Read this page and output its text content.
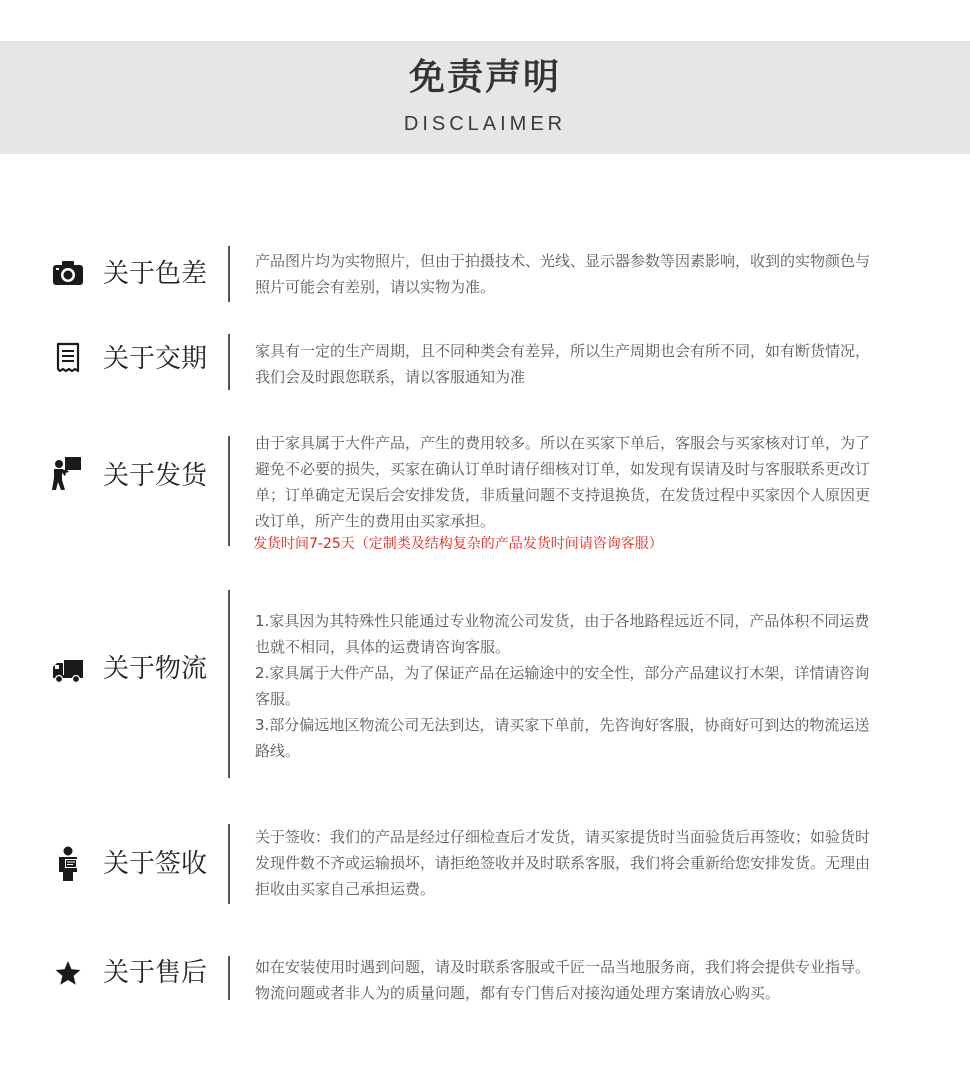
免责声明
DISCLAIMER
关于色差	产品图片均为实物照片，但由于拍摄技术、光线、显示器参数等因素影响，收到的实物颜色与照片可能会有差别，请以实物为准。

关于交期	家具有一定的生产周期，且不同种类会有差异，所以生产周期也会有所不同，如有断货情况，我们会及时跟您联系，请以客服通知为准

关于发货

由于家具属于大件产品，产生的费用较多。所以在买家下单后，客服会与买家核对订单，为了避免不必要的损失，买家在确认订单时请仔细核对订单，如发现有误请及时与客服联系更改订单；订单确定无误后会安排发货，非质量问题不支持退换货，在发货过程中买家因个人原因更改订单，所产生的费用由买家承担。

发货时间7-25天（定制类及结构复杂的产品发货时间请咨询客服）

关于物流

1.家具因为其特殊性只能通过专业物流公司发货，由于各地路程远近不同，产品体积不同运费也就不相同，具体的运费请咨询客服。

2.家具属于大件产品，为了保证产品在运输途中的安全性，部分产品建议打木架，详情请咨询客服。

3.部分偏远地区物流公司无法到达，请买家下单前，先咨询好客服，协商好可到达的物流运送路线。

关于签收

关于签收：我们的产品是经过仔细检查后才发货，请买家提货时当面验货后再签收；如验货时发现件数不齐或运输损坏，请拒绝签收并及时联系客服，我们将会重新给您安排发货。无理由拒收由买家自己承担运费。

关于售后	如在安装使用时遇到问题，请及时联系客服或千匠一品当地服务商，我们将会提供专业指导。物流问题或者非人为的质量问题，都有专门售后对接沟通处理方案请放心购买。
